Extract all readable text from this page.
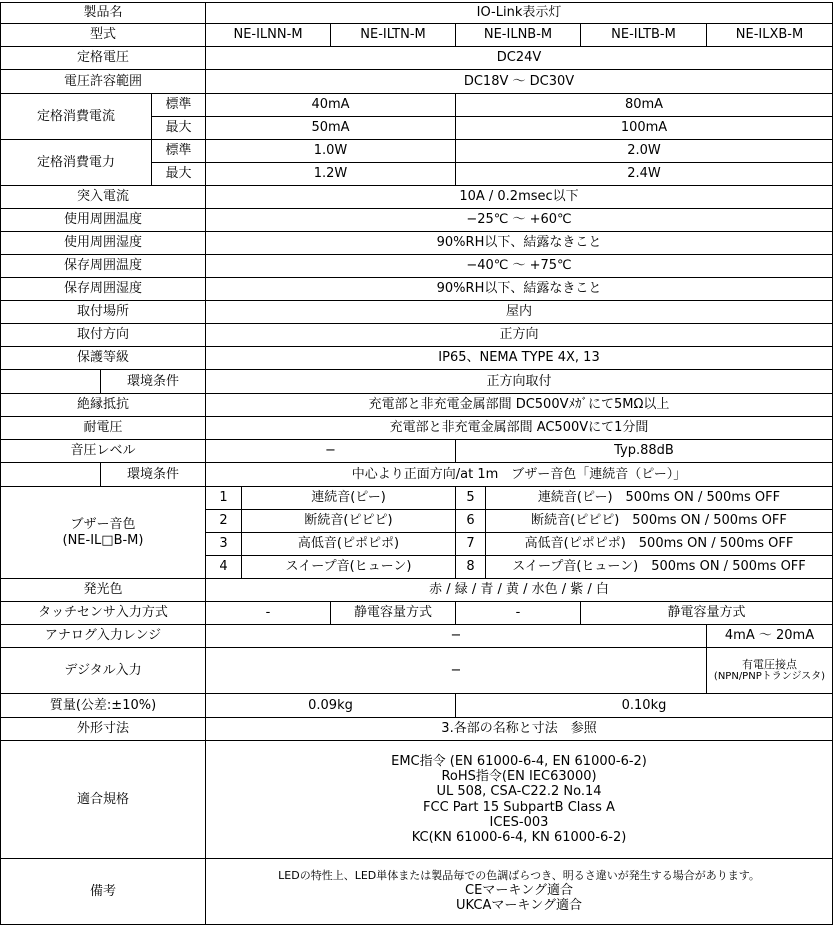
製品名	IO-Link表示灯
型式	NE-ILNN-M	NE-ILTN-M	NE-ILNB-M	NE-ILTB-M	NE-ILXB-M
定格電圧	DC24V
電圧許容範囲	DC18V 〜 DC30V
定格消費電流
標準	40mA	80mA
最大	50mA	100mA
定格消費電力
標準	1.0W	2.0W
最大	1.2W	2.4W
突入電流	10A / 0.2msec以下
使用周囲温度	−25℃ 〜 +60℃
使用周囲湿度	90%RH以下、結露なきこと
保存周囲温度	−40℃ 〜 +75℃
保存周囲湿度	90%RH以下、結露なきこと
取付場所	屋内
取付方向	正方向
保護等級	IP65、NEMA TYPE 4X, 13
環境条件	正方向取付
絶縁抵抗	充電部と非充電金属部間 DC500Vﾒｶﾞにて5MΩ以上
耐電圧	充電部と非充電金属部間 AC500Vにて1分間
音圧レベル	−	Typ.88dB
環境条件	中心より正面方向/at 1m　ブザー音色「連続音（ピー）」
ブザー音色
(NE-IL□B-M)
1	連続音(ピー)	5	連続音(ピー)　500ms ON / 500ms OFF
2	断続音(ピピピ)	6	断続音(ピピピ)　500ms ON / 500ms OFF
3	高低音(ピポピポ)	7	高低音(ピポピポ)　500ms ON / 500ms OFF
4	スイープ音(ヒューン)	8	スイープ音(ヒューン)　500ms ON / 500ms OFF
発光色	赤 / 緑 / 青 / 黄 / 水色 / 紫 / 白
タッチセンサ入力方式	-	静電容量方式	-	静電容量方式
アナログ入力レンジ	−	4mA 〜 20mA
デジタル入力	−	有電圧接点
(NPN/PNPトランジスタ)
質量(公差:±10%)	0.09kg	0.10kg
外形寸法	3.各部の名称と寸法　参照
適合規格
EMC指令 (EN 61000-6-4, EN 61000-6-2)
RoHS指令(EN IEC63000)
UL 508, CSA-C22.2 No.14
FCC Part 15 SubpartB Class A
ICES-003
KC(KN 61000-6-4, KN 61000-6-2)
備考
LEDの特性上、LED単体または製品毎での色調ばらつき、明るさ違いが発生する場合があります。
CEマーキング適合
UKCAマーキング適合
